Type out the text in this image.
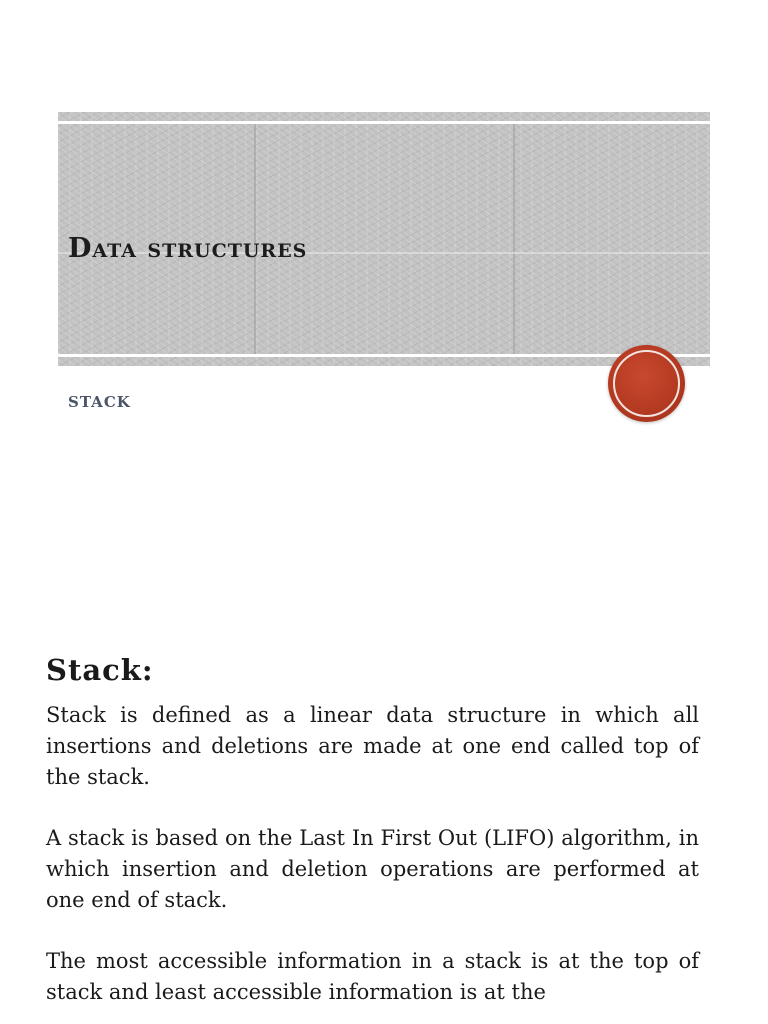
Data structures
STACK
Stack:

Stack is defined as a linear data structure in which all insertions and deletions are made at one end called top of the stack.

A stack is based on the Last In First Out (LIFO) algorithm, in which insertion and deletion operations are performed at one end of stack.

The most accessible information in a stack is at the top of stack and least accessible information is at the
